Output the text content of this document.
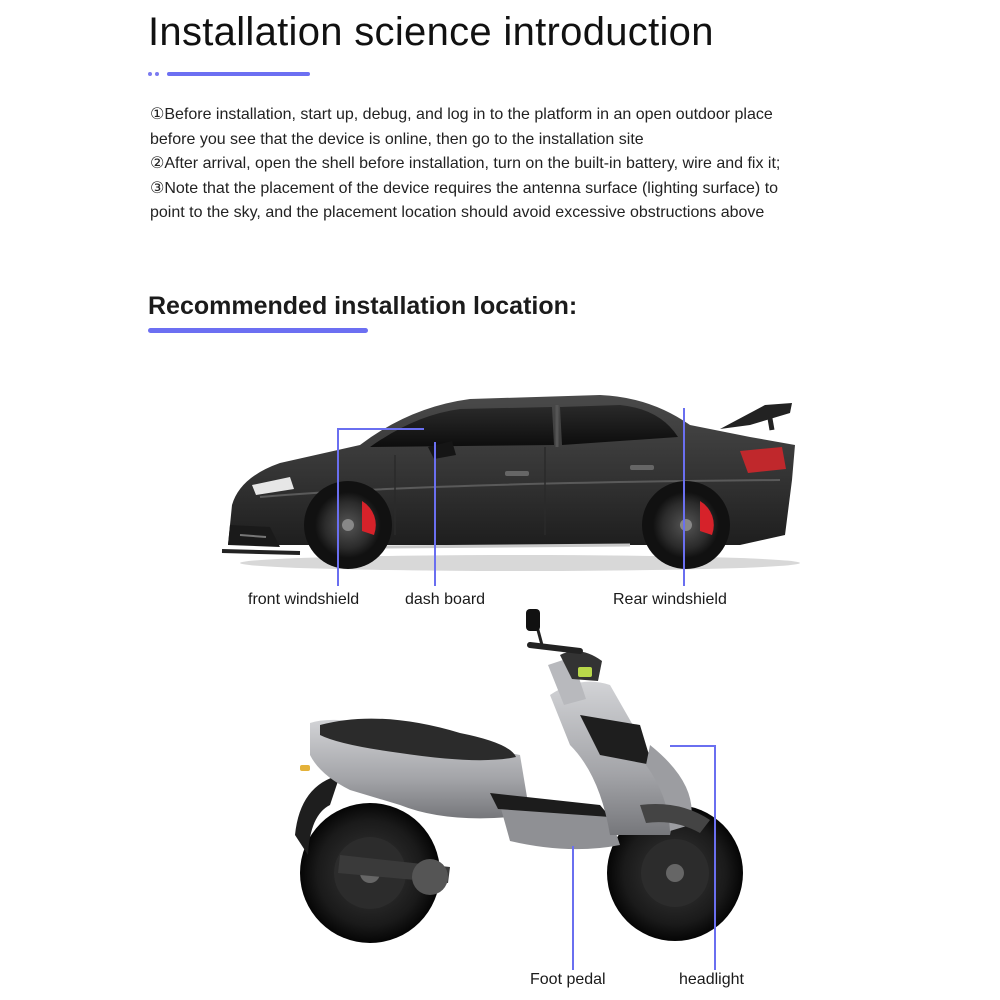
Installation science introduction

①Before installation, start up, debug, and log in to the platform in an open outdoor place

before you see that the device is online, then go to the installation site

②After arrival, open the shell before installation, turn on the built-in battery, wire and fix it;

③Note that the placement of the device requires the antenna surface (lighting surface) to

point to the sky, and the placement location should avoid excessive obstructions above

Recommended installation location:
front windshield	dash board	Rear windshield
Foot pedal	headlight
